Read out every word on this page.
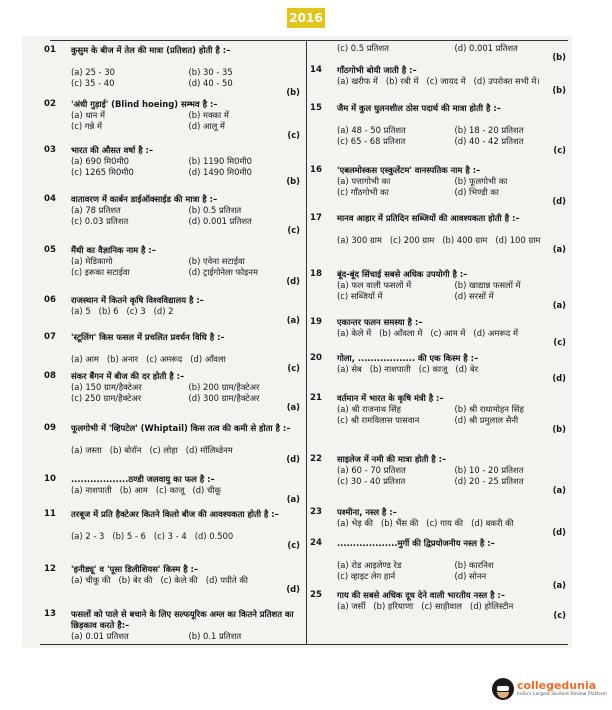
2016
01	कुसुम के बीज में तेल की मात्रा (प्रतिशत) होती है :–
(a) 25 - 30	(b) 30 - 35
(c) 35 - 40	(d) 40 - 50
(b)
02	'अंधी गुड़ाई' (Blind hoeing) सम्भव है :–
(a) धान में	(b) मक्का में
(c) गन्ने में	(d) आलू में
(c)
03	भारत की औसत वर्षा है :–
(a) 690 मि0मी0	(b) 1190 मि0मी0
(c) 1265 मि0मी0	(d) 1490 मि0मी0
(b)
04	वातावरण में कार्बन डाईऑक्साईड की मात्रा है :–
(a) 78 प्रतिशत	(b) 0.5 प्रतिशत
(c) 0.03 प्रतिशत	(d) 0.001 प्रतिशत
(c)
05	मैंथी का वैज्ञानिक नाम है :–
(a) मेडिकागो	(b) एवेना सटाईवा
(c) इरूका सटाईवा	(d) ट्राईगोनेला फोइनम
(d)
06	राजस्थान में कितने कृषि विश्वविद्यालय है :–
(a) 5 (b) 6 (c) 3 (d) 2
(a)
07	'स्टूलिंग' किस फसल में प्रचलित प्रवर्धन विधि है :–
(a) आम (b) अनार (c) अमरूद (d) आँवला
(c)
08	संकर बैंगन में बीज की दर होती है :–
(a) 150 ग्राम/हैक्टेअर	(b) 200 ग्राम/हैक्टेअर
(c) 250 ग्राम/हैक्टेअर	(d) 300 ग्राम/हैक्टेअर
(a)
09	फूलगोभी में 'व्हिपटेल' (Whiptail) किस तत्व की कमी से होता है :–
(a) जस्ता (b) बोरॉन (c) लोहा (d) मॉलिब्डेनम
(d)
10	..................ठण्डी जलवायु का फल है :–
(a) नाशपाती (b) आम (c) काजू (d) चीकू
(a)
11	तरबूज में प्रति हैक्टेअर कितने किलो बीज की आवश्यकता होती है :–
(a) 2 - 3 (b) 5 - 6 (c) 3 - 4 (d) 0.500
(c)
12	'हनीड्यू' व 'पूसा डिलीशियस' किस्म है :–
(a) चीकू की (b) बेर की (c) केले की (d) पपीते की
(d)
13	फसलों को पाले से बचाने के लिए सल्फयूरिक अम्ल का कितने प्रतिशत का छिड़काव करते है:–
(a) 0.01 प्रतिशत	(b) 0.1 प्रतिशत
(c) 0.5 प्रतिशत	(d) 0.001 प्रतिशत
(b)
14	गाँठगोभी बोयी जाती है :–
(a) खरीफ में (b) रबी में (c) जायद में (d) उपरोक्त सभी में।
(b)
15	जैम में कुल घुलनशील ठोस पदार्थ की मात्रा होती है :–
(a) 48 - 50 प्रतिशत	(b) 18 - 20 प्रतिशत
(c) 65 - 68 प्रतिशत	(d) 40 - 42 प्रतिशत
(c)
16	'एबलमोस्कस एस्कुलेंटम' वानस्पतिक नाम है :–
(a) पत्तागोभी का	(b) फूलगोभी का
(c) गाँठगोभी का	(d) भिण्डी का
(d)
17	मानव आहार में प्रतिदिन सब्जियों की आवश्यकता होती है :–
(a) 300 ग्राम (c) 200 ग्राम (b) 400 ग्राम (d) 100 ग्राम
(a)
18	बूंद-बूंद सिंचाई सबसे अधिक उपयोगी है :–
(a) फल वाली फसलों में	(b) खाद्यान्न फसलों में
(c) सब्जियों में	(d) सरसों में
(a)
19	एकान्तर फलन समस्या है :–
(a) केले में (b) आँवला में (c) आम में (d) अमरूद में
(c)
20	गोला, .................. की एक किस्म है :–
(a) सेब (b) नाशपाती (c) काजू (d) बेर
(d)
21	वर्तमान में भारत के कृषि मंत्री है :–
(a) श्री राजनाथ सिंह	(b) श्री राधामोहन सिंह
(c) श्री रामविलास पासवान	(d) श्री प्रमुलाल सैनी
(b)
22	साइलेज में नमी की मात्रा होती है :–
(a) 60 - 70 प्रतिशत	(b) 10 - 20 प्रतिशत
(c) 30 - 40 प्रतिशत	(d) 20 - 25 प्रतिशत
(a)
23	पश्मीना, नस्ल है :–
(a) भेड़ की (b) भैंस की (c) गाय की (d) बकरी की
(d)
24	...................मुर्गी की द्विप्रयोजनीय नस्ल है :–
(a) रोड आइलेण्ड रेड	(b) कारनिश
(c) व्हाइट लेग हार्न	(d) सोनन
(a)
25	गाय की सबसे अधिक दूध देने वाली भारतीय नस्ल है :–
(a) जर्सी (b) हरियाणा (c) साहीवाल (d) होलिस्टीन
(c)
collegedunia
India's Largest Student Review Platform
